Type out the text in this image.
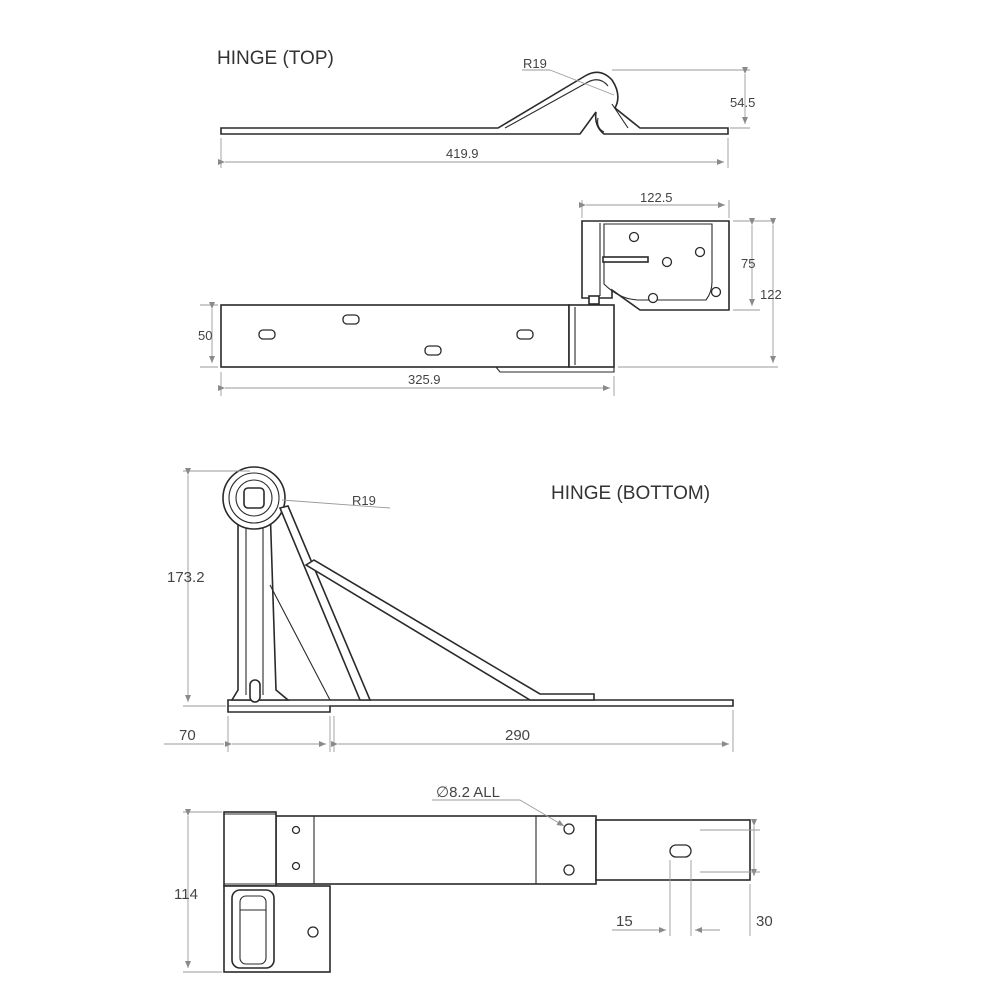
HINGE (TOP)
HINGE (BOTTOM)
R19
54.5
419.9
122.5
75
122
50
325.9
R19
173.2
70	290
∅8.2 ALL
114
15	30
